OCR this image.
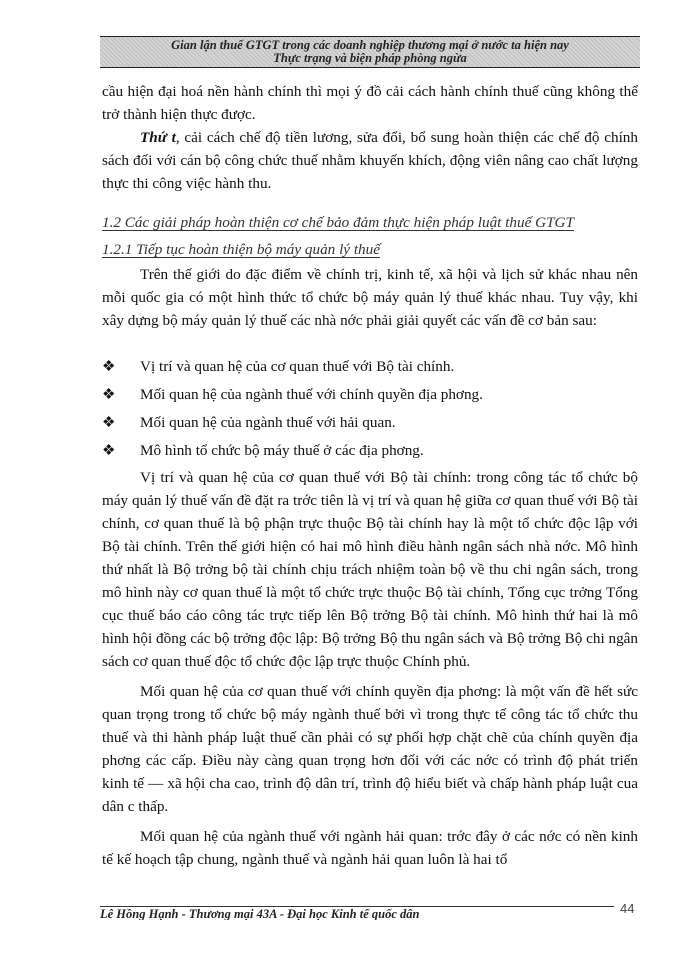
Gian lận thuế GTGT trong các doanh nghiệp thương mại ở nước ta hiện nay
Thực trạng và biện pháp phòng ngừa

cầu hiện đại hoá nền hành chính thì mọi ý đồ cải cách hành chính thuế cũng không thể trở thành hiện thực được.

Thứ t, cải cách chế độ tiền lương, sửa đổi, bổ sung hoàn thiện các chế độ chính sách đối với cán bộ công chức thuế nhằm khuyến khích, động viên nâng cao chất lượng thực thi công việc hành thu.

1.2 Các giải pháp hoàn thiện cơ chế bảo đảm thực hiện pháp luật thuế GTGT
1.2.1 Tiếp tục hoàn thiện bộ máy quản lý thuế

Trên thế giới do đặc điểm về chính trị, kinh tế, xã hội và lịch sử khác nhau nên mỗi quốc gia có một hình thức tổ chức bộ máy quản lý thuế khác nhau. Tuy vậy, khi xây dựng bộ máy quản lý thuế các nhà nớc phải giải quyết các vấn đề cơ bản sau:

❖ Vị trí và quan hệ của cơ quan thuế với Bộ tài chính.
❖ Mối quan hệ của ngành thuế với chính quyền địa phơng.
❖ Mối quan hệ của ngành thuế với hải quan.
❖ Mô hình tổ chức bộ máy thuế ở các địa phơng.

Vị trí và quan hệ của cơ quan thuế với Bộ tài chính: trong công tác tổ chức bộ máy quản lý thuế vấn đề đặt ra trớc tiên là vị trí và quan hệ giữa cơ quan thuế với Bộ tài chính, cơ quan thuế là bộ phận trực thuộc Bộ tài chính hay là một tổ chức độc lập với Bộ tài chính. Trên thế giới hiện có hai mô hình điều hành ngân sách nhà nớc. Mô hình thứ nhất là Bộ trởng bộ tài chính chịu trách nhiệm toàn bộ về thu chi ngân sách, trong mô hình này cơ quan thuế là một tổ chức trực thuộc Bộ tài chính, Tổng cục trởng Tổng cục thuế báo cáo công tác trực tiếp lên Bộ trởng Bộ tài chính. Mô hình thứ hai là mô hình hội đồng các bộ trởng độc lập: Bộ trởng Bộ thu ngân sách và Bộ trởng Bộ chi ngân sách cơ quan thuế độc tổ chức độc lập trực thuộc Chính phủ.

Mối quan hệ của cơ quan thuế với chính quyền địa phơng: là một vấn đề hết sức quan trọng trong tổ chức bộ máy ngành thuế bởi vì trong thực tế công tác tổ chức thu thuế và thi hành pháp luật thuế cần phải có sự phối hợp chặt chẽ của chính quyền địa phơng các cấp. Điều này càng quan trọng hơn đối với các nớc có trình độ phát triển kinh tế — xã hội cha cao, trình độ dân trí, trình độ hiểu biết và chấp hành pháp luật cua dân c thấp.

Mối quan hệ của ngành thuế với ngành hải quan: trớc đây ở các nớc có nền kinh tế kế hoạch tập chung, ngành thuế và ngành hải quan luôn là hai tổ

Lê Hồng Hạnh - Thương mại 43A - Đại học Kinh tế quốc dân	44
